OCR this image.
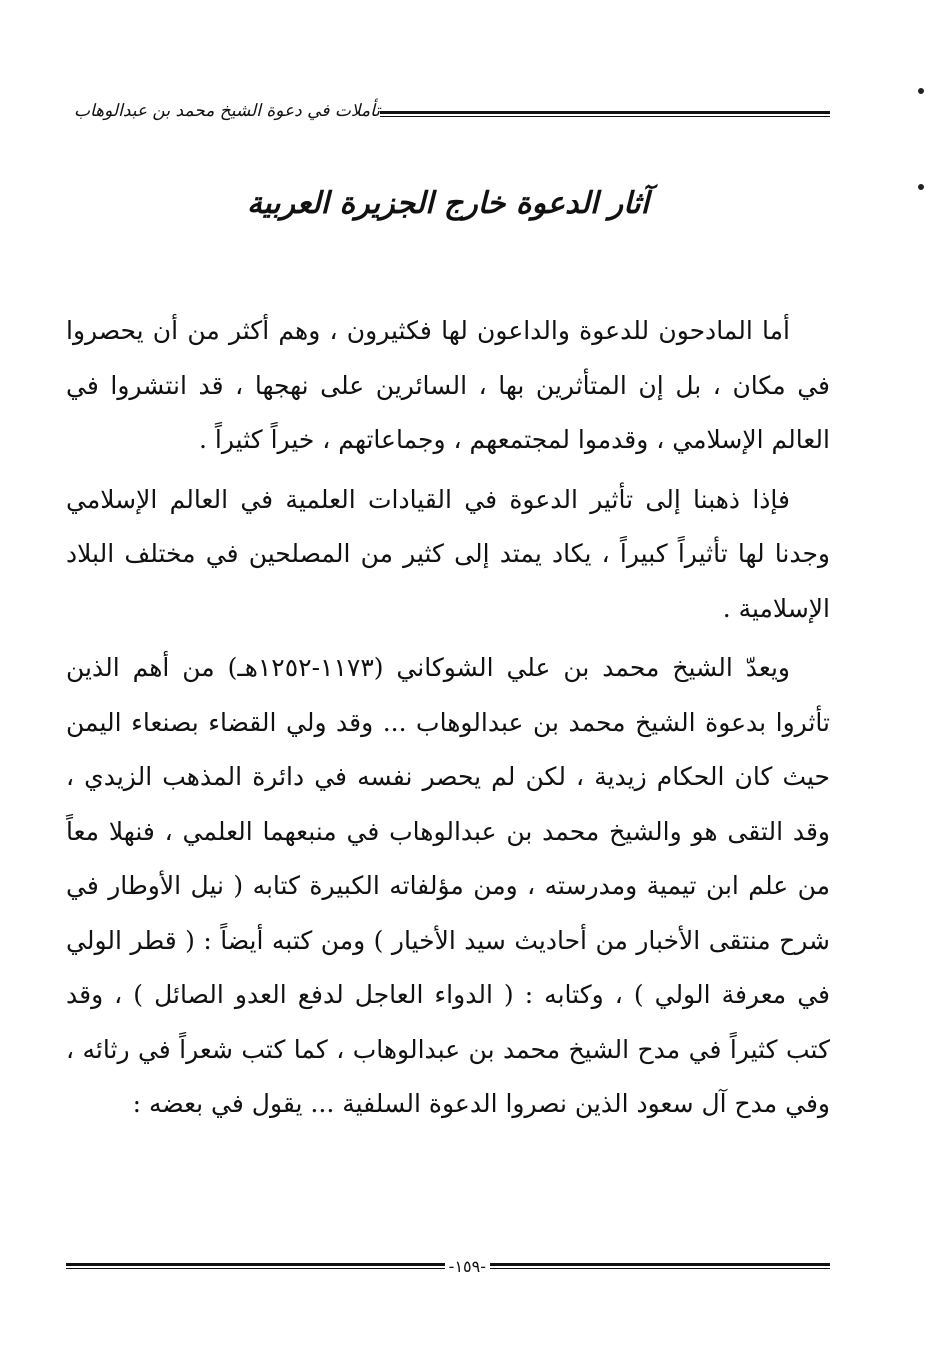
تأملات في دعوة الشيخ محمد بن عبدالوهاب
آثار الدعوة خارج الجزيرة العربية

أما المادحون للدعوة والداعون لها فكثيرون ، وهم أكثر من أن يحصروا في مكان ، بل إن المتأثرين بها ، السائرين على نهجها ، قد انتشروا في العالم الإسلامي ، وقدموا لمجتمعهم ، وجماعاتهم ، خيراً كثيراً .

فإذا ذهبنا إلى تأثير الدعوة في القيادات العلمية في العالم الإسلامي وجدنا لها تأثيراً كبيراً ، يكاد يمتد إلى كثير من المصلحين في مختلف البلاد الإسلامية .

ويعدّ الشيخ محمد بن علي الشوكاني (١١٧٣-١٢٥٢هـ) من أهم الذين تأثروا بدعوة الشيخ محمد بن عبدالوهاب ... وقد ولي القضاء بصنعاء اليمن حيث كان الحكام زيدية ، لكن لم يحصر نفسه في دائرة المذهب الزيدي ، وقد التقى هو والشيخ محمد بن عبدالوهاب في منبعهما العلمي ، فنهلا معاً من علم ابن تيمية ومدرسته ، ومن مؤلفاته الكبيرة كتابه ( نيل الأوطار في شرح منتقى الأخبار من أحاديث سيد الأخيار ) ومن كتبه أيضاً : ( قطر الولي في معرفة الولي ) ، وكتابه : ( الدواء العاجل لدفع العدو الصائل ) ، وقد كتب كثيراً في مدح الشيخ محمد بن عبدالوهاب ، كما كتب شعراً في رثائه ، وفي مدح آل سعود الذين نصروا الدعوة السلفية ... يقول في بعضه :

-١٥٩-
